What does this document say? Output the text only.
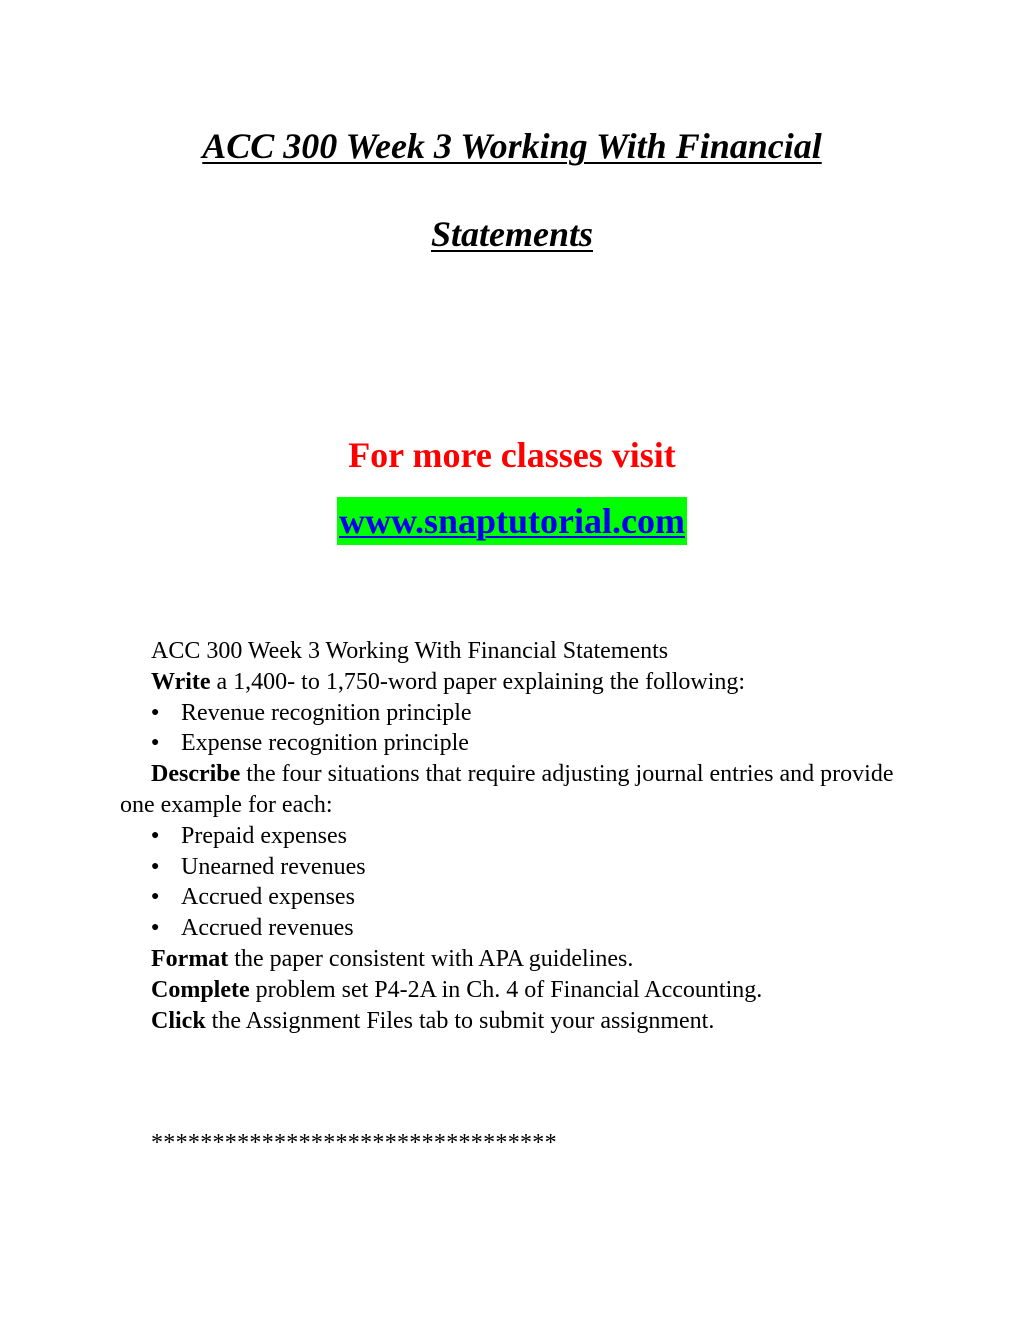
ACC 300 Week 3 Working With Financial
Statements
For more classes visit
www.snaptutorial.com
ACC 300 Week 3 Working With Financial Statements
Write a 1,400- to 1,750-word paper explaining the following:
● Revenue recognition principle
● Expense recognition principle
Describe the four situations that require adjusting journal entries and provide one example for each:
● Prepaid expenses
● Unearned revenues
● Accrued expenses
● Accrued revenues
Format the paper consistent with APA guidelines.
Complete problem set P4-2A in Ch. 4 of Financial Accounting.
Click the Assignment Files tab to submit your assignment.
*********************************
